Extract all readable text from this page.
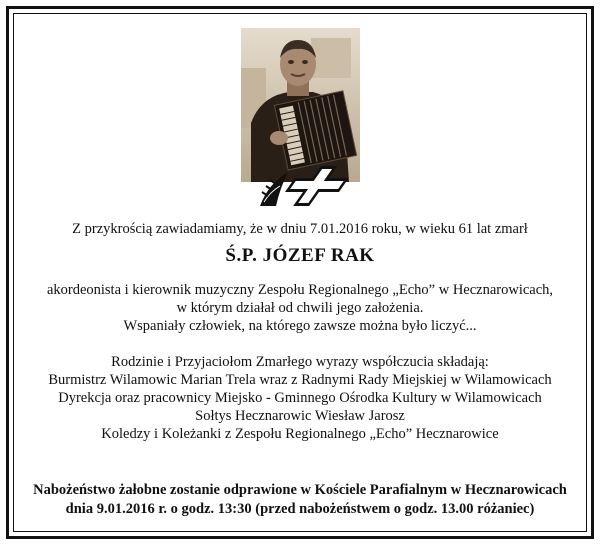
Z przykrością zawiadamiamy, że w dniu 7.01.2016 roku, w wieku 61 lat zmarł
Ś.P. JÓZEF RAK
akordeonista i kierownik muzyczny Zespołu Regionalnego „Echo” w Hecznarowicach,
w którym działał od chwili jego założenia.
Wspaniały człowiek, na którego zawsze można było liczyć...
Rodzinie i Przyjaciołom Zmarłego wyrazy współczucia składają:
Burmistrz Wilamowic Marian Trela wraz z Radnymi Rady Miejskiej w Wilamowicach
Dyrekcja oraz pracownicy Miejsko - Gminnego Ośrodka Kultury w Wilamowicach
Sołtys Hecznarowic Wiesław Jarosz
Koledzy i Koleżanki z Zespołu Regionalnego „Echo” Hecznarowice
Nabożeństwo żałobne zostanie odprawione w Kościele Parafialnym w Hecznarowicach
dnia 9.01.2016 r. o godz. 13:30 (przed nabożeństwem o godz. 13.00 różaniec)
